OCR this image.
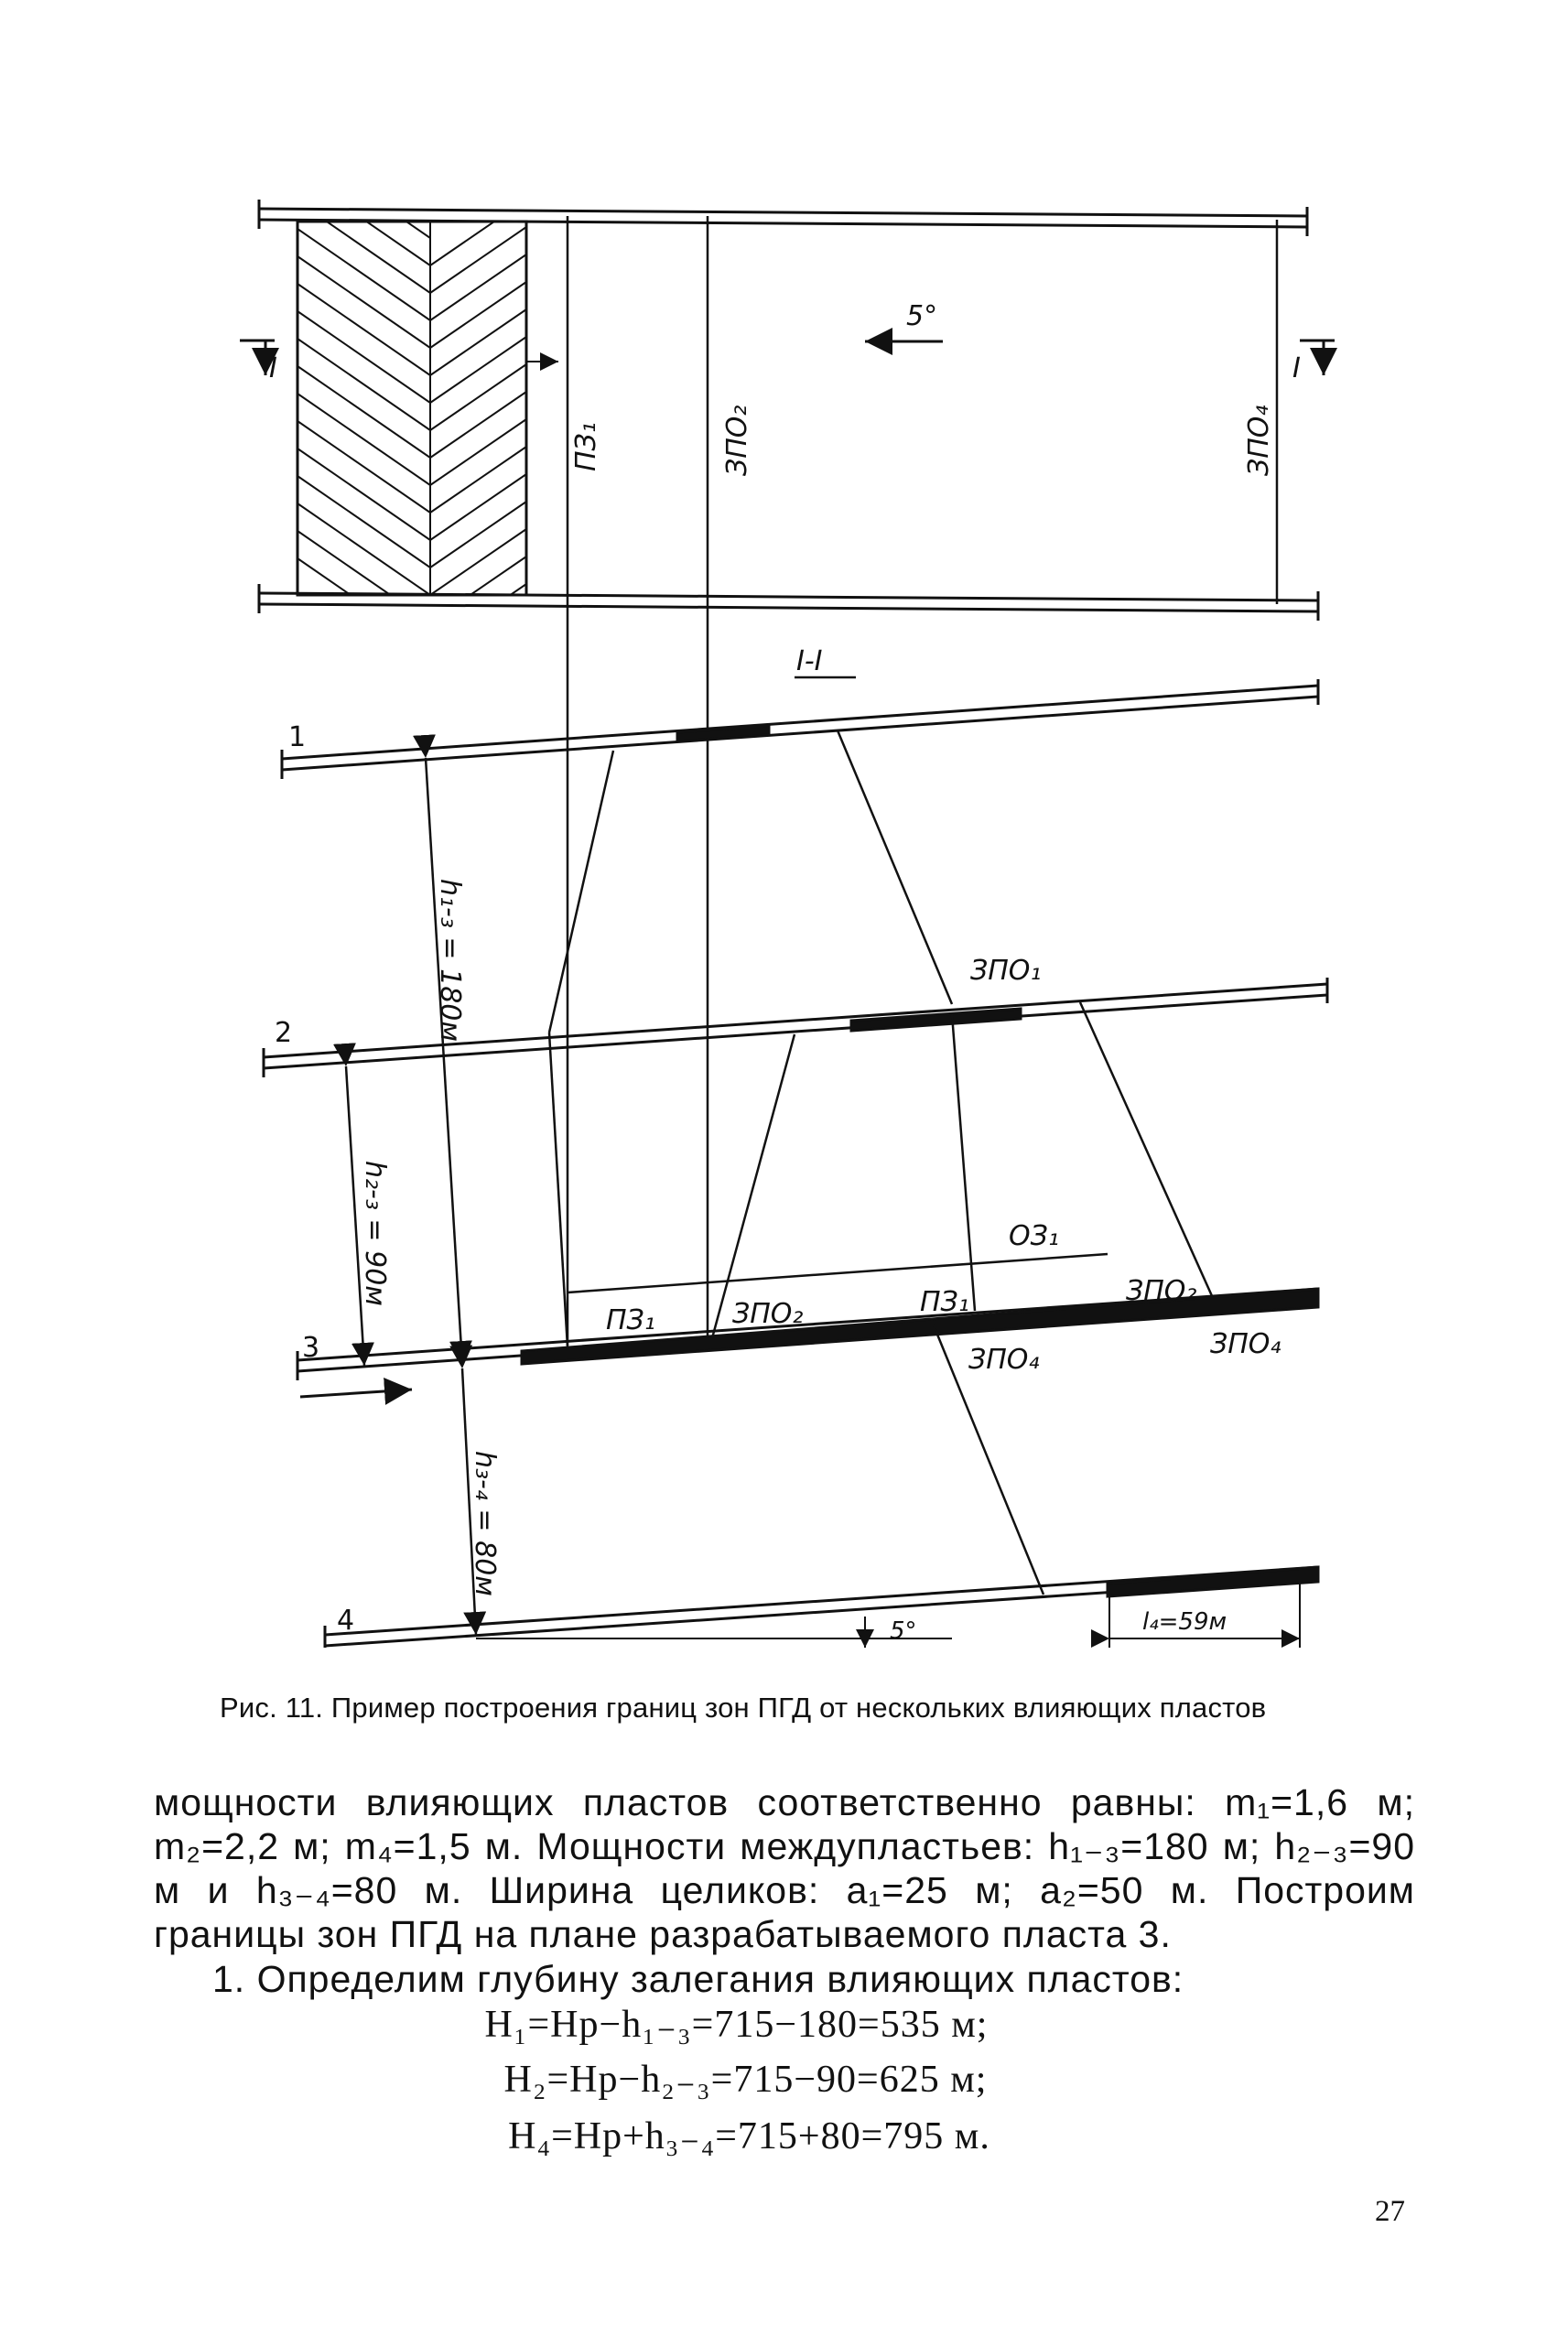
5°
I	I
ПЗ₁	ЗПО₂	ЗПО₄
I-I
1
2
3
4
h₁-₃ = 180м
h₂-₃ = 90м
h₃-₄ = 80м
ЗПО₁
ОЗ₁
ПЗ₁	ЗПО₂	ПЗ₁	ЗПО₂
ЗПО₄	ЗПО₄
5°	l₄=59м
Рис. 11. Пример построения границ зон ПГД от нескольких влияющих пластов
мощности влияющих пластов соответственно равны: m₁=1,6 м; m₂=2,2 м; m₄=1,5 м. Мощности междупластьев: h₁₋₃=180 м; h₂₋₃=90 м и h₃₋₄=80 м. Ширина целиков: a₁=25 м; a₂=50 м. Построим границы зон ПГД на плане разрабатываемого пласта 3.
1. Определим глубину залегания влияющих пластов:
H₁=Hр−h₁₋₃=715−180=535 м;
H₂=Hр−h₂₋₃=715−90=625 м;
H₄=Hр+h₃₋₄=715+80=795 м.
27
